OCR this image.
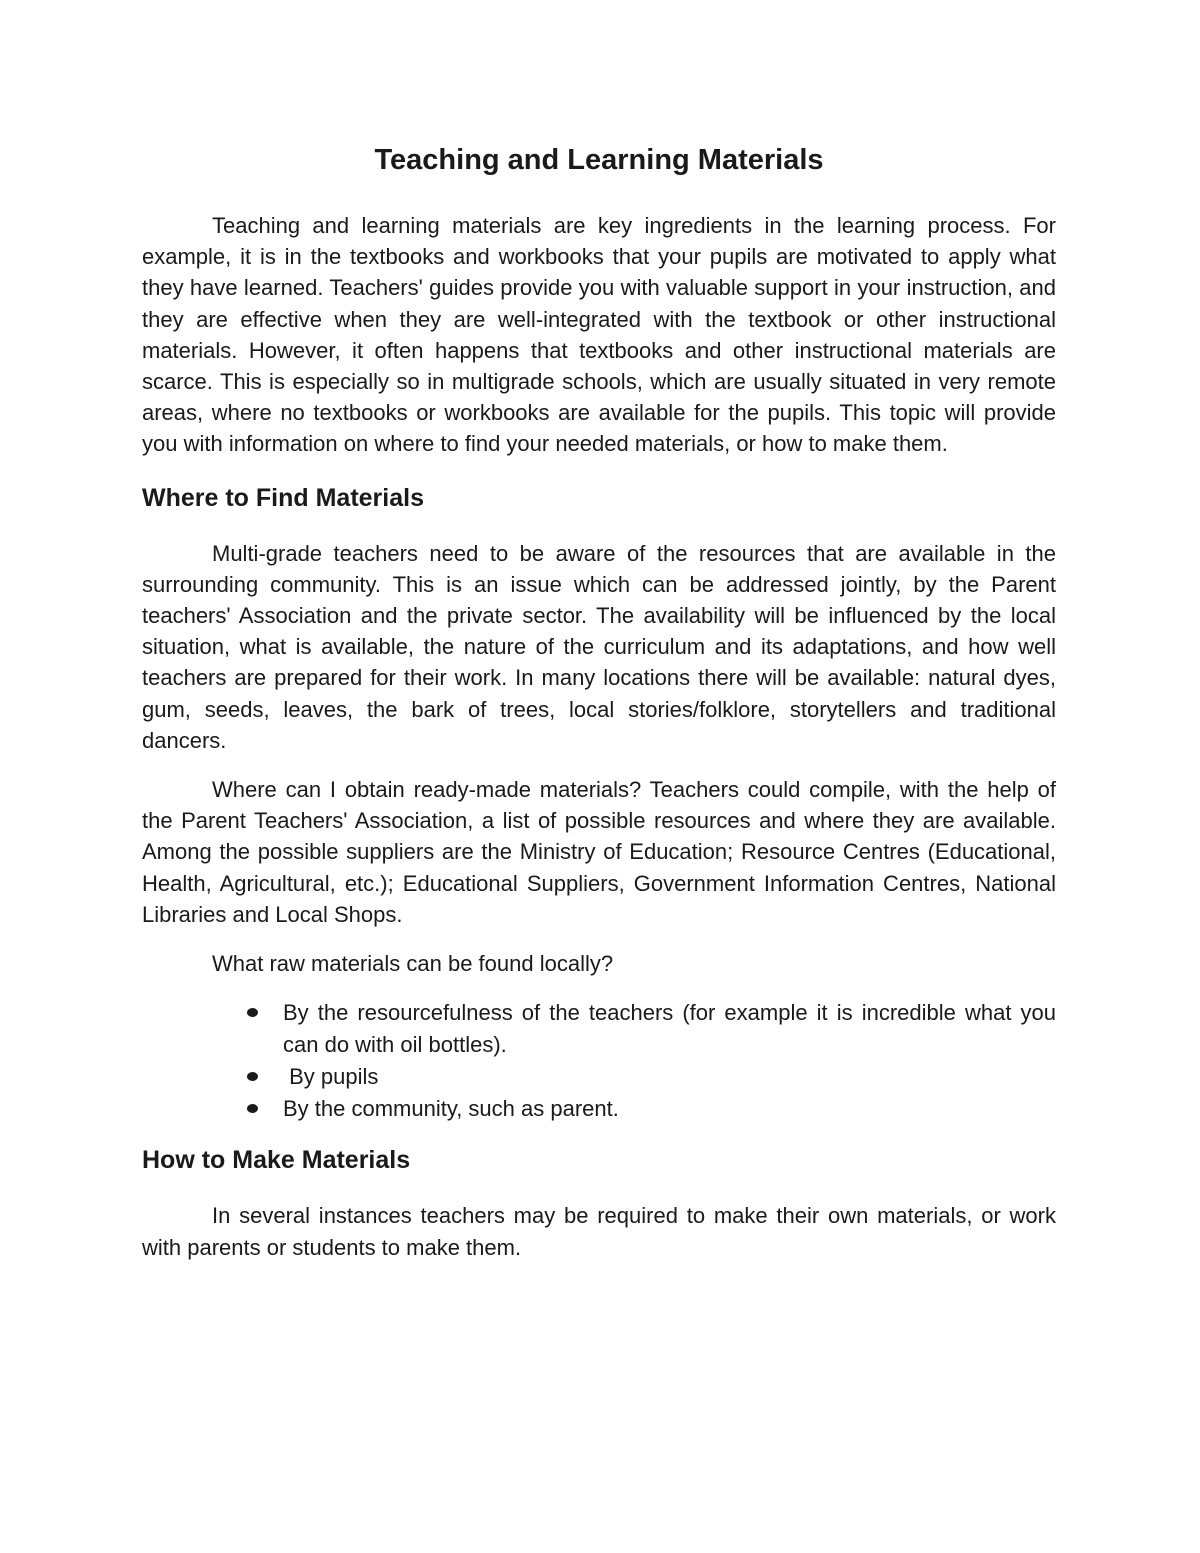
Teaching and Learning Materials

Teaching and learning materials are key ingredients in the learning process. For example, it is in the textbooks and workbooks that your pupils are motivated to apply what they have learned. Teachers' guides provide you with valuable support in your instruction, and they are effective when they are well-integrated with the textbook or other instructional materials. However, it often happens that textbooks and other instructional materials are scarce. This is especially so in multigrade schools, which are usually situated in very remote areas, where no textbooks or workbooks are available for the pupils. This topic will provide you with information on where to find your needed materials, or how to make them.

Where to Find Materials

Multi-grade teachers need to be aware of the resources that are available in the surrounding community. This is an issue which can be addressed jointly, by the Parent teachers' Association and the private sector. The availability will be influenced by the local situation, what is available, the nature of the curriculum and its adaptations, and how well teachers are prepared for their work. In many locations there will be available: natural dyes, gum, seeds, leaves, the bark of trees, local stories/folklore, storytellers and traditional dancers.

Where can I obtain ready-made materials? Teachers could compile, with the help of the Parent Teachers' Association, a list of possible resources and where they are available. Among the possible suppliers are the Ministry of Education; Resource Centres (Educational, Health, Agricultural, etc.); Educational Suppliers, Government Information Centres, National Libraries and Local Shops.

What raw materials can be found locally?

By the resourcefulness of the teachers (for example it is incredible what you can do with oil bottles).
By pupils
By the community, such as parent.
How to Make Materials

In several instances teachers may be required to make their own materials, or work with parents or students to make them.
